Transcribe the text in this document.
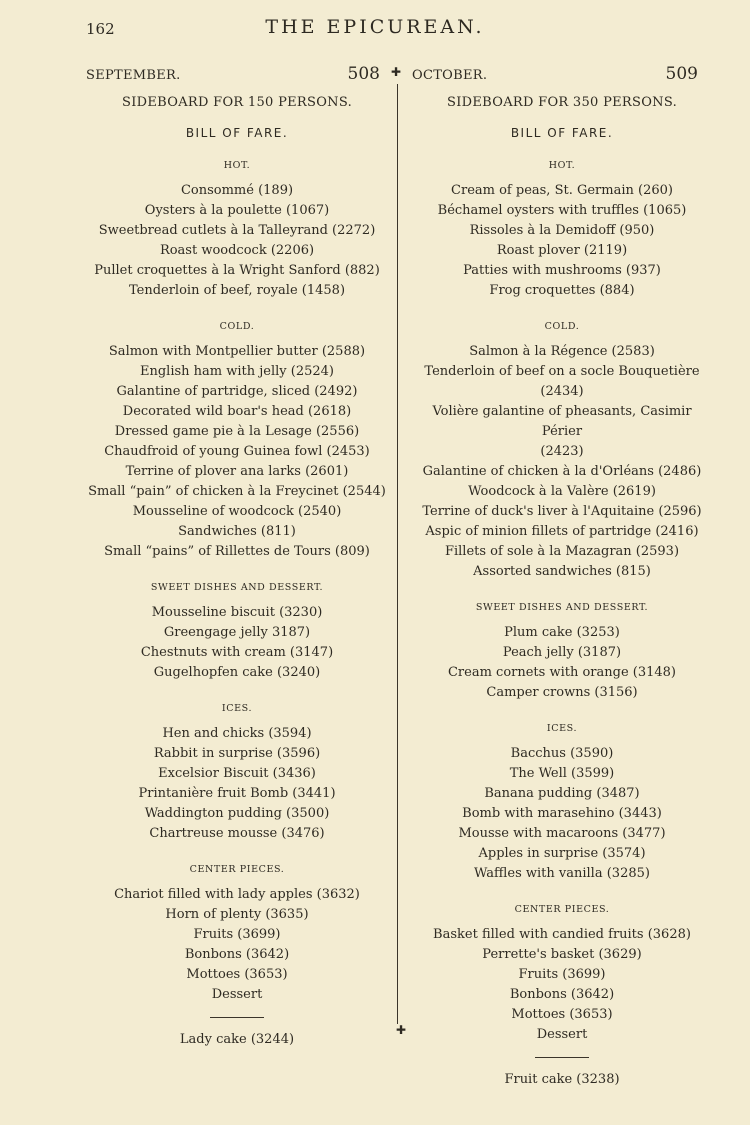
162	THE EPICUREAN.
✚
✚
SEPTEMBER.	508
SIDEBOARD FOR 150 PERSONS.
BILL OF FARE.
HOT.
Consommé (189)
Oysters à la poulette (1067)
Sweetbread cutlets à la Talleyrand (2272)
Roast woodcock (2206)
Pullet croquettes à la Wright Sanford (882)
Tenderloin of beef, royale (1458)
COLD.
Salmon with Montpellier butter (2588)
English ham with jelly (2524)
Galantine of partridge, sliced (2492)
Decorated wild boar's head (2618)
Dressed game pie à la Lesage (2556)
Chaudfroid of young Guinea fowl (2453)
Terrine of plover ana larks (2601)
Small “pain” of chicken à la Freycinet (2544)
Mousseline of woodcock (2540)
Sandwiches (811)
Small “pains” of Rillettes de Tours (809)
SWEET DISHES AND DESSERT.
Mousseline biscuit (3230)
Greengage jelly 3187)
Chestnuts with cream (3147)
Gugelhopfen cake (3240)
ICES.
Hen and chicks (3594)
Rabbit in surprise (3596)
Excelsior Biscuit (3436)
Printanière fruit Bomb (3441)
Waddington pudding (3500)
Chartreuse mousse (3476)
CENTER PIECES.
Chariot filled with lady apples (3632)
Horn of plenty (3635)
Fruits (3699)
Bonbons (3642)
Mottoes (3653)
Dessert
Lady cake (3244)
OCTOBER.	509
SIDEBOARD FOR 350 PERSONS.
BILL OF FARE.
HOT.
Cream of peas, St. Germain (260)
Béchamel oysters with truffles (1065)
Rissoles à la Demidoff (950)
Roast plover (2119)
Patties with mushrooms (937)
Frog croquettes (884)
COLD.
Salmon à la Régence (2583)
Tenderloin of beef on a socle Bouquetière
(2434)
Volière galantine of pheasants, Casimir Périer
(2423)
Galantine of chicken à la d'Orléans (2486)
Woodcock à la Valère (2619)
Terrine of duck's liver à l'Aquitaine (2596)
Aspic of minion fillets of partridge (2416)
Fillets of sole à la Mazagran (2593)
Assorted sandwiches (815)
SWEET DISHES AND DESSERT.
Plum cake (3253)
Peach jelly (3187)
Cream cornets with orange (3148)
Camper crowns (3156)
ICES.
Bacchus (3590)
The Well (3599)
Banana pudding (3487)
Bomb with marasehino (3443)
Mousse with macaroons (3477)
Apples in surprise (3574)
Waffles with vanilla (3285)
CENTER PIECES.
Basket filled with candied fruits (3628)
Perrette's basket (3629)
Fruits (3699)
Bonbons (3642)
Mottoes (3653)
Dessert
Fruit cake (3238)
